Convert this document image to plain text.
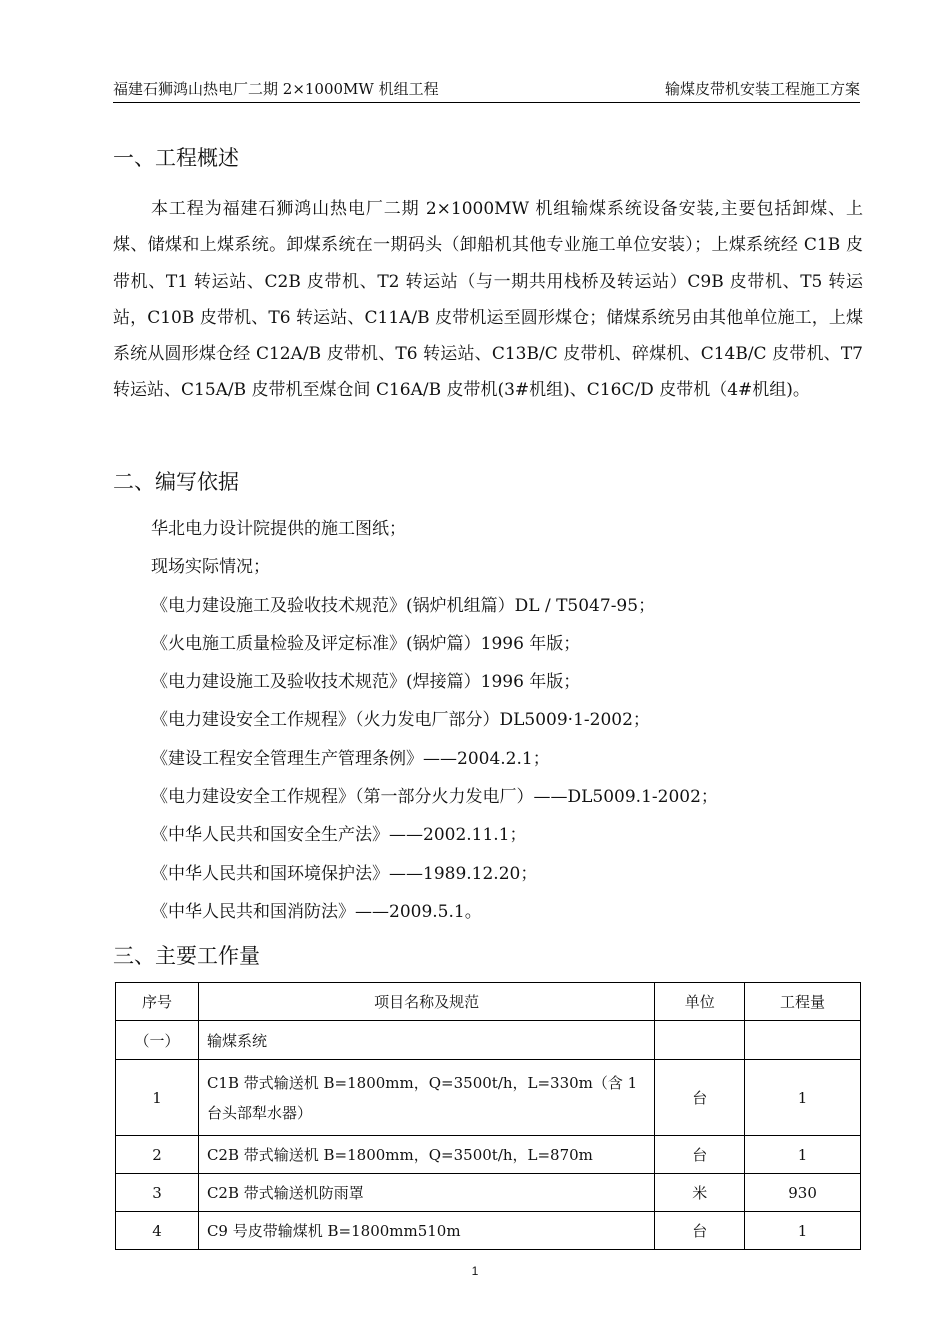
福建石狮鸿山热电厂二期 2×1000MW 机组工程	输煤皮带机安装工程施工方案
一、工程概述
本工程为福建石狮鸿山热电厂二期 2×1000MW 机组输煤系统设备安装,主要包括卸煤、上煤、储煤和上煤系统。卸煤系统在一期码头（卸船机其他专业施工单位安装）；上煤系统经 C1B 皮带机、T1 转运站、C2B 皮带机、T2 转运站（与一期共用栈桥及转运站）C9B 皮带机、T5 转运站，C10B 皮带机、T6 转运站、C11A/B 皮带机运至圆形煤仓；储煤系统另由其他单位施工，上煤系统从圆形煤仓经 C12A/B 皮带机、T6 转运站、C13B/C 皮带机、碎煤机、C14B/C 皮带机、T7 转运站、C15A/B 皮带机至煤仓间 C16A/B 皮带机(3#机组)、C16C/D 皮带机（4#机组)。
二、编写依据
华北电力设计院提供的施工图纸；
现场实际情况；
《电力建设施工及验收技术规范》(锅炉机组篇）DL / T5047-95；
《火电施工质量检验及评定标准》(锅炉篇）1996 年版；
《电力建设施工及验收技术规范》(焊接篇）1996 年版；
《电力建设安全工作规程》（火力发电厂部分）DL5009·1-2002；
《建设工程安全管理生产管理条例》——2004.2.1；
《电力建设安全工作规程》（第一部分火力发电厂）——DL5009.1-2002；
《中华人民共和国安全生产法》——2002.11.1；
《中华人民共和国环境保护法》——1989.12.20；
《中华人民共和国消防法》——2009.5.1。
三、主要工作量
序号	项目名称及规范	单位	工程量
（一）	输煤系统		
1	C1B 带式输送机 B=1800mm，Q=3500t/h，L=330m（含 1 台头部犁水器）	台	1
2	C2B 带式输送机 B=1800mm，Q=3500t/h，L=870m	台	1
3	C2B 带式输送机防雨罩	米	930
4	C9 号皮带输煤机 B=1800mm510m	台	1
1
